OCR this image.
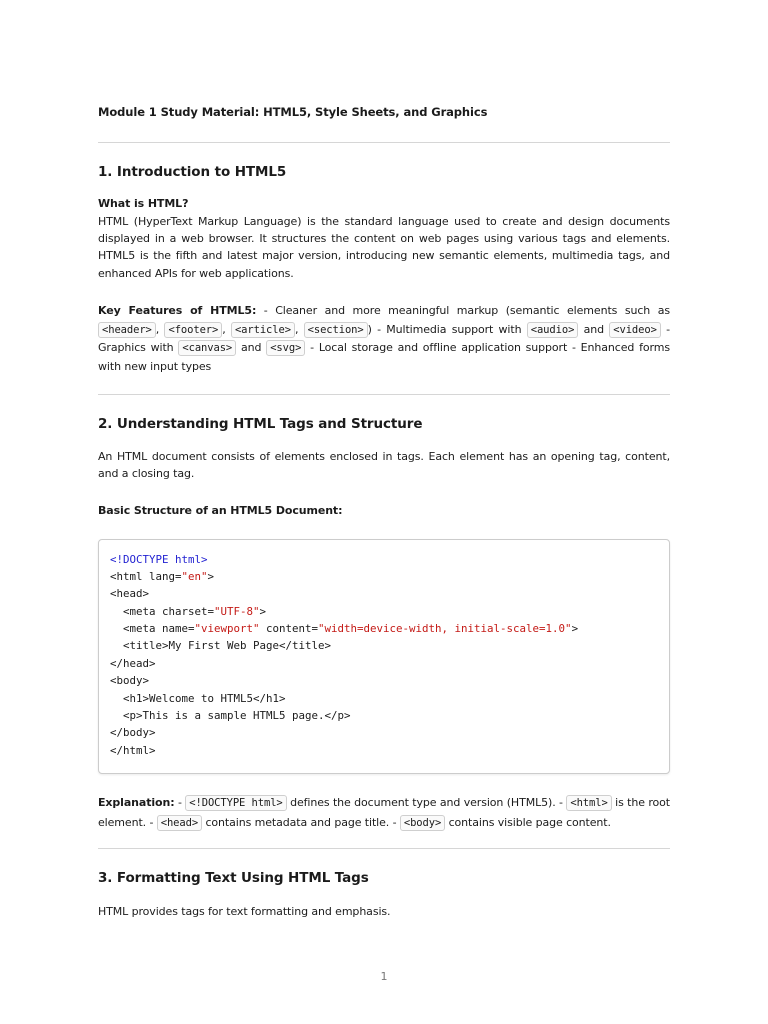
Module 1 Study Material: HTML5, Style Sheets, and Graphics

1. Introduction to HTML5

What is HTML?

HTML (HyperText Markup Language) is the standard language used to create and design documents displayed in a web browser. It structures the content on web pages using various tags and elements. HTML5 is the fifth and latest major version, introducing new semantic elements, multimedia tags, and enhanced APIs for web applications.

Key Features of HTML5: - Cleaner and more meaningful markup (semantic elements such as <header> , <footer> , <article> , <section> ) - Multimedia support with <audio> and <video> - Graphics with <canvas> and <svg> - Local storage and offline application support - Enhanced forms with new input types

2. Understanding HTML Tags and Structure

An HTML document consists of elements enclosed in tags. Each element has an opening tag, content, and a closing tag.

Basic Structure of an HTML5 Document:

<!DOCTYPE html>
<html lang="en">
<head>
<meta charset="UTF-8">
<meta name="viewport" content="width=device-width, initial-scale=1.0">
<title>My First Web Page</title>
</head>
<body>
<h1>Welcome to HTML5</h1>
<p>This is a sample HTML5 page.</p>
</body>
</html>

Explanation: - <!DOCTYPE html> defines the document type and version (HTML5). - <html> is the root element. - <head> contains metadata and page title. - <body> contains visible page content.

3. Formatting Text Using HTML Tags

HTML provides tags for text formatting and emphasis.

1
